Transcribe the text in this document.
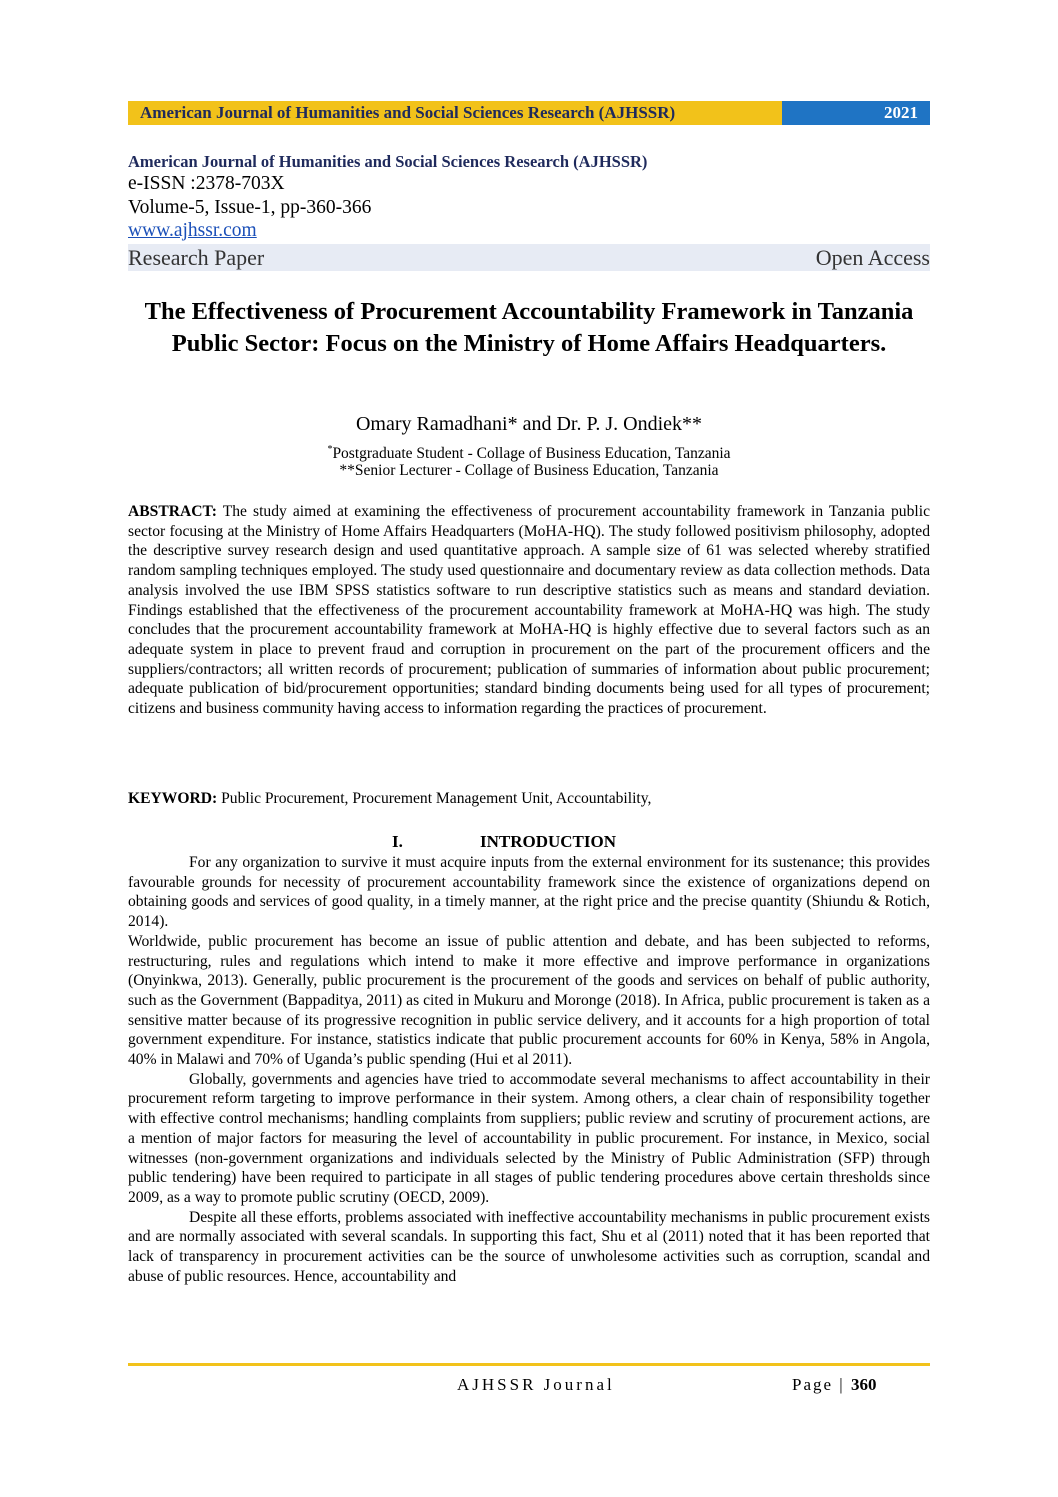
American Journal of Humanities and Social Sciences Research (AJHSSR)	2021
American Journal of Humanities and Social Sciences Research (AJHSSR)
e-ISSN :2378-703X
Volume-5, Issue-1, pp-360-366
www.ajhssr.com
Research Paper	Open Access
The Effectiveness of Procurement Accountability Framework in Tanzania Public Sector: Focus on the Ministry of Home Affairs Headquarters.
Omary Ramadhani* and Dr. P. J. Ondiek**
*Postgraduate Student - Collage of Business Education, Tanzania
**Senior Lecturer - Collage of Business Education, Tanzania
ABSTRACT: The study aimed at examining the effectiveness of procurement accountability framework in Tanzania public sector focusing at the Ministry of Home Affairs Headquarters (MoHA-HQ). The study followed positivism philosophy, adopted the descriptive survey research design and used quantitative approach. A sample size of 61 was selected whereby stratified random sampling techniques employed. The study used questionnaire and documentary review as data collection methods. Data analysis involved the use IBM SPSS statistics software to run descriptive statistics such as means and standard deviation. Findings established that the effectiveness of the procurement accountability framework at MoHA-HQ was high. The study concludes that the procurement accountability framework at MoHA-HQ is highly effective due to several factors such as an adequate system in place to prevent fraud and corruption in procurement on the part of the procurement officers and the suppliers/contractors; all written records of procurement; publication of summaries of information about public procurement; adequate publication of bid/procurement opportunities; standard binding documents being used for all types of procurement; citizens and business community having access to information regarding the practices of procurement.
KEYWORD: Public Procurement, Procurement Management Unit, Accountability,
I.	INTRODUCTION

For any organization to survive it must acquire inputs from the external environment for its sustenance; this provides favourable grounds for necessity of procurement accountability framework since the existence of organizations depend on obtaining goods and services of good quality, in a timely manner, at the right price and the precise quantity (Shiundu & Rotich, 2014).

Worldwide, public procurement has become an issue of public attention and debate, and has been subjected to reforms, restructuring, rules and regulations which intend to make it more effective and improve performance in organizations (Onyinkwa, 2013). Generally, public procurement is the procurement of the goods and services on behalf of public authority, such as the Government (Bappaditya, 2011) as cited in Mukuru and Moronge (2018). In Africa, public procurement is taken as a sensitive matter because of its progressive recognition in public service delivery, and it accounts for a high proportion of total government expenditure. For instance, statistics indicate that public procurement accounts for 60% in Kenya, 58% in Angola, 40% in Malawi and 70% of Uganda’s public spending (Hui et al 2011).

Globally, governments and agencies have tried to accommodate several mechanisms to affect accountability in their procurement reform targeting to improve performance in their system. Among others, a clear chain of responsibility together with effective control mechanisms; handling complaints from suppliers; public review and scrutiny of procurement actions, are a mention of major factors for measuring the level of accountability in public procurement. For instance, in Mexico, social witnesses (non-government organizations and individuals selected by the Ministry of Public Administration (SFP) through public tendering) have been required to participate in all stages of public tendering procedures above certain thresholds since 2009, as a way to promote public scrutiny (OECD, 2009).

Despite all these efforts, problems associated with ineffective accountability mechanisms in public procurement exists and are normally associated with several scandals. In supporting this fact, Shu et al (2011) noted that it has been reported that lack of transparency in procurement activities can be the source of unwholesome activities such as corruption, scandal and abuse of public resources. Hence, accountability and

AJHSSR Journal	Page | 360
